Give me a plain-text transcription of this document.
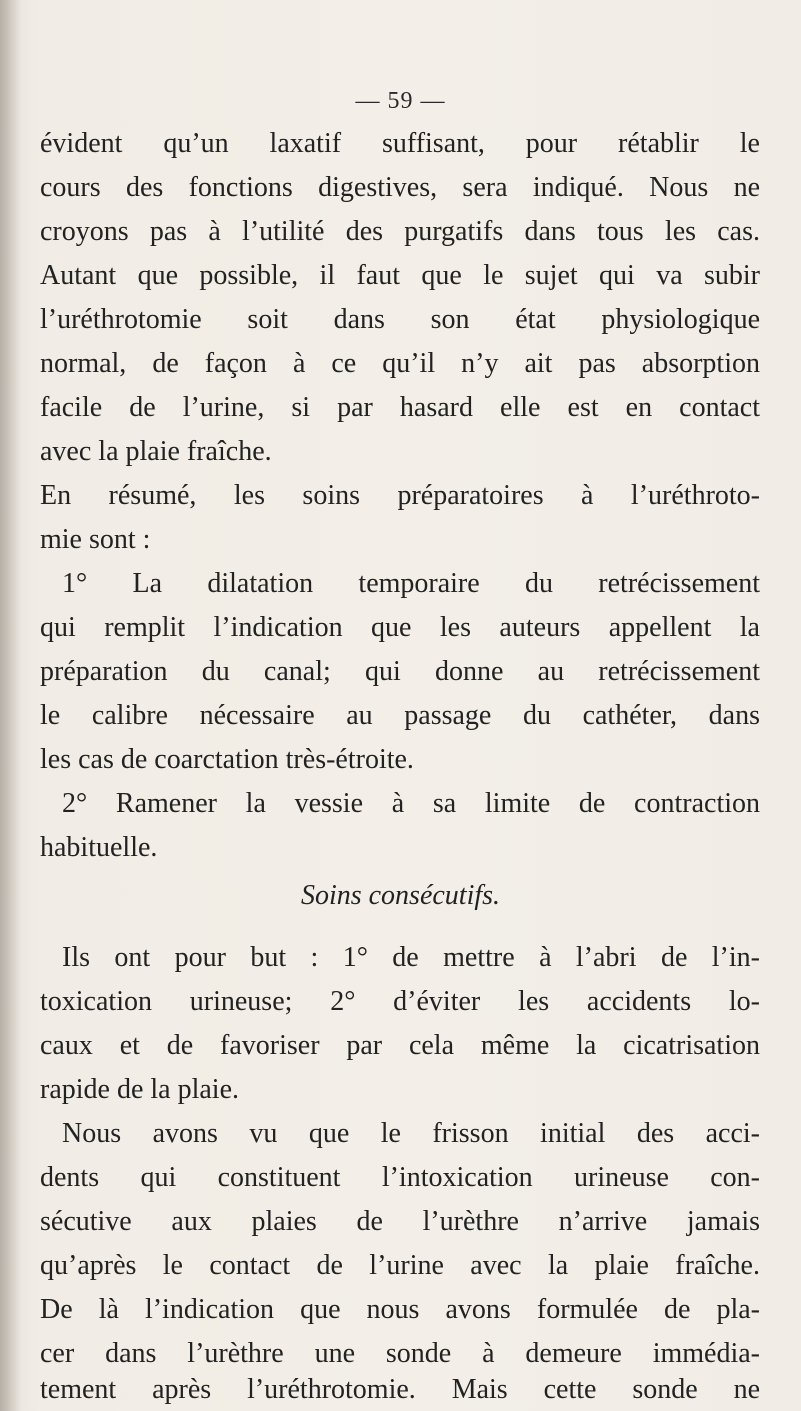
— 59 —
évident qu’un laxatif suffisant, pour rétablir le
cours des fonctions digestives, sera indiqué. Nous ne
croyons pas à l’utilité des purgatifs dans tous les cas.
Autant que possible, il faut que le sujet qui va subir
l’uréthrotomie soit dans son état physiologique
normal, de façon à ce qu’il n’y ait pas absorption
facile de l’urine, si par hasard elle est en contact
avec la plaie fraîche.
En résumé, les soins préparatoires à l’uréthroto-
mie sont :
1° La dilatation temporaire du retrécissement
qui remplit l’indication que les auteurs appellent la
préparation du canal; qui donne au retrécissement
le calibre nécessaire au passage du cathéter, dans
les cas de coarctation très-étroite.
2° Ramener la vessie à sa limite de contraction
habituelle.
Soins consécutifs.
Ils ont pour but : 1° de mettre à l’abri de l’in-
toxication urineuse; 2° d’éviter les accidents lo-
caux et de favoriser par cela même la cicatrisation
rapide de la plaie.
Nous avons vu que le frisson initial des acci-
dents qui constituent l’intoxication urineuse con-
sécutive aux plaies de l’urèthre n’arrive jamais
qu’après le contact de l’urine avec la plaie fraîche.
De là l’indication que nous avons formulée de pla-
cer dans l’urèthre une sonde à demeure immédia-
tement après l’uréthrotomie. Mais cette sonde ne
